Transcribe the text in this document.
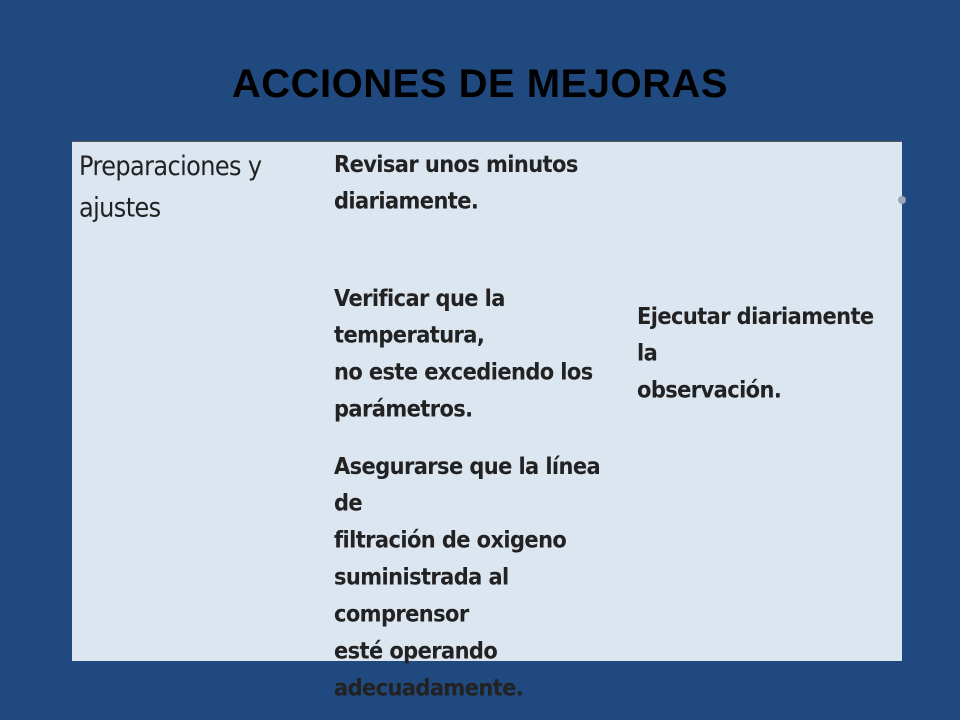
ACCIONES DE MEJORAS
Preparaciones y
ajustes
Revisar unos minutos
diariamente.
Verificar que la temperatura,
no este excediendo los
parámetros.
Asegurarse que la línea de
filtración de oxigeno
suministrada al comprensor
esté operando
adecuadamente.
Ejecutar diariamente la
observación.
